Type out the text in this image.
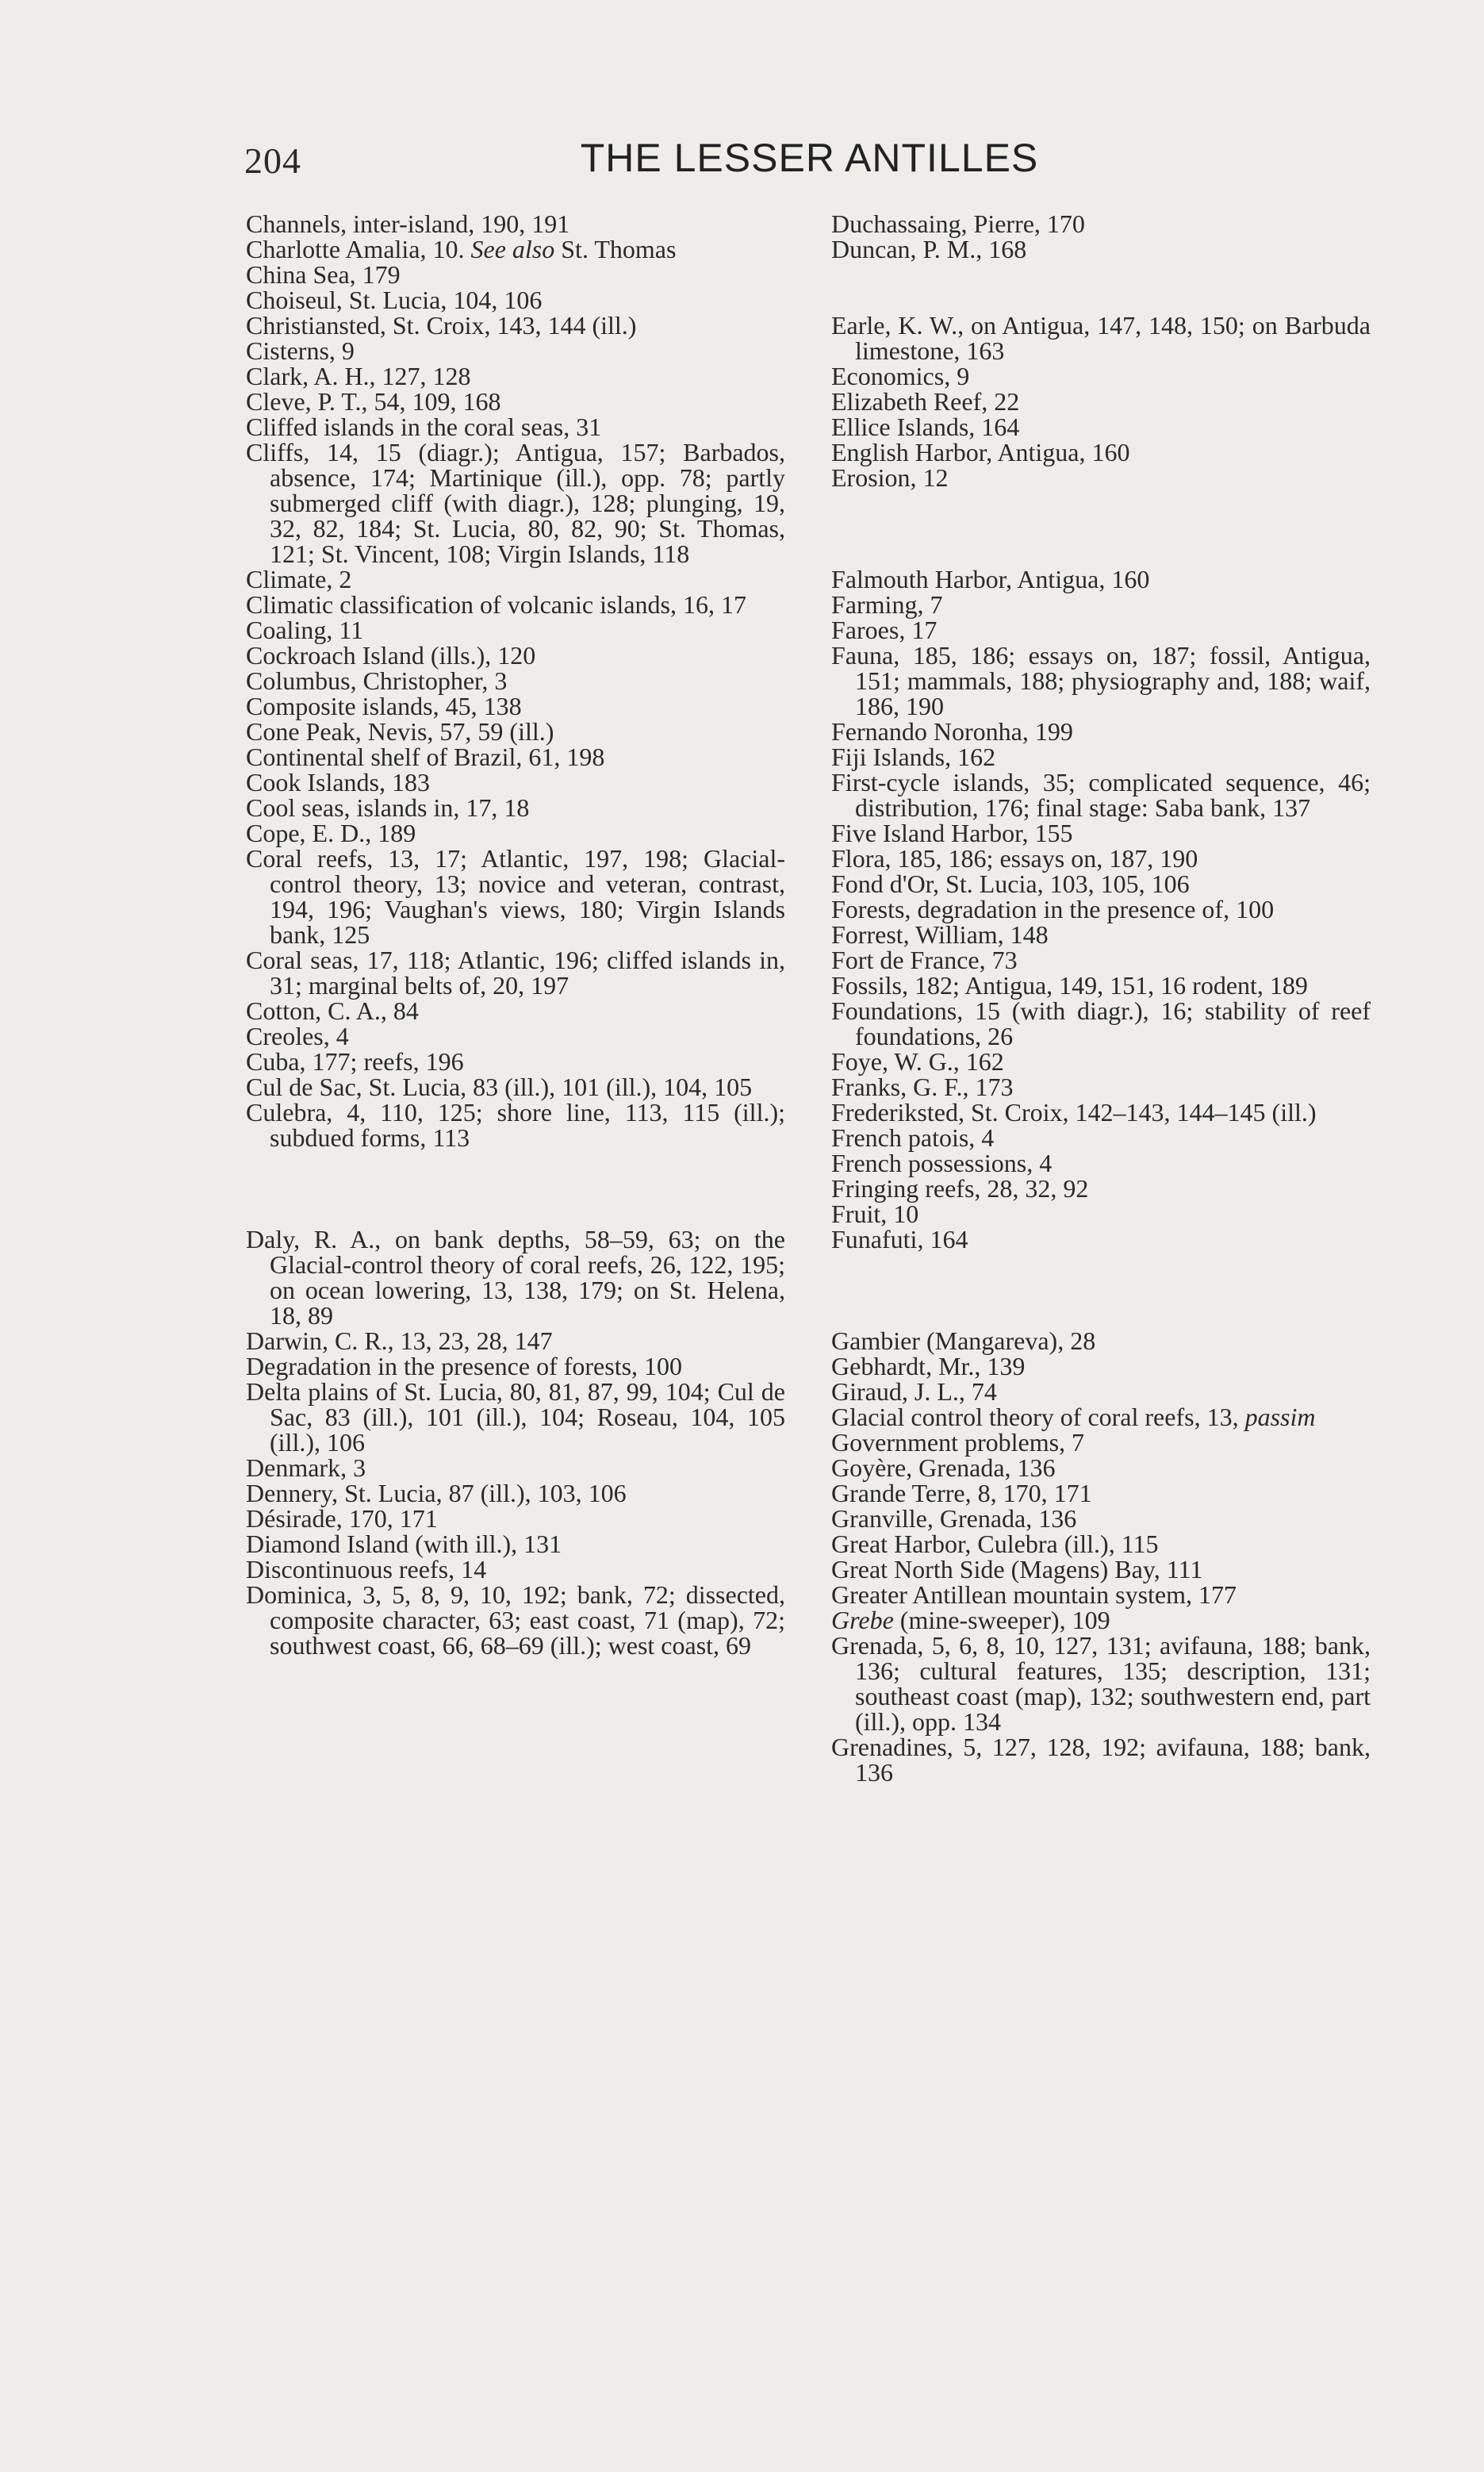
204	THE LESSER ANTILLES

Channels, inter-island, 190, 191

Charlotte Amalia, 10. See also St. Thomas

China Sea, 179

Choiseul, St. Lucia, 104, 106

Christiansted, St. Croix, 143, 144 (ill.)

Cisterns, 9

Clark, A. H., 127, 128

Cleve, P. T., 54, 109, 168

Cliffed islands in the coral seas, 31

Cliffs, 14, 15 (diagr.); Antigua, 157; Barbados, absence, 174; Martinique (ill.), opp. 78; partly submerged cliff (with diagr.), 128; plunging, 19, 32, 82, 184; St. Lucia, 80, 82, 90; St. Thomas, 121; St. Vincent, 108; Virgin Islands, 118

Climate, 2

Climatic classification of volcanic islands, 16, 17

Coaling, 11

Cockroach Island (ills.), 120

Columbus, Christopher, 3

Composite islands, 45, 138

Cone Peak, Nevis, 57, 59 (ill.)

Continental shelf of Brazil, 61, 198

Cook Islands, 183

Cool seas, islands in, 17, 18

Cope, E. D., 189

Coral reefs, 13, 17; Atlantic, 197, 198; Glacial-control theory, 13; novice and veteran, contrast, 194, 196; Vaughan's views, 180; Virgin Islands bank, 125

Coral seas, 17, 118; Atlantic, 196; cliffed islands in, 31; marginal belts of, 20, 197

Cotton, C. A., 84

Creoles, 4

Cuba, 177; reefs, 196

Cul de Sac, St. Lucia, 83 (ill.), 101 (ill.), 104, 105

Culebra, 4, 110, 125; shore line, 113, 115 (ill.); subdued forms, 113

Daly, R. A., on bank depths, 58–59, 63; on the Glacial-control theory of coral reefs, 26, 122, 195; on ocean lowering, 13, 138, 179; on St. Helena, 18, 89

Darwin, C. R., 13, 23, 28, 147

Degradation in the presence of forests, 100

Delta plains of St. Lucia, 80, 81, 87, 99, 104; Cul de Sac, 83 (ill.), 101 (ill.), 104; Roseau, 104, 105 (ill.), 106

Denmark, 3

Dennery, St. Lucia, 87 (ill.), 103, 106

Désirade, 170, 171

Diamond Island (with ill.), 131

Discontinuous reefs, 14

Dominica, 3, 5, 8, 9, 10, 192; bank, 72; dissected, composite character, 63; east coast, 71 (map), 72; southwest coast, 66, 68–69 (ill.); west coast, 69

Duchassaing, Pierre, 170

Duncan, P. M., 168

Earle, K. W., on Antigua, 147, 148, 150; on Barbuda limestone, 163

Economics, 9

Elizabeth Reef, 22

Ellice Islands, 164

English Harbor, Antigua, 160

Erosion, 12

Falmouth Harbor, Antigua, 160

Farming, 7

Faroes, 17

Fauna, 185, 186; essays on, 187; fossil, Antigua, 151; mammals, 188; physiography and, 188; waif, 186, 190

Fernando Noronha, 199

Fiji Islands, 162

First-cycle islands, 35; complicated sequence, 46; distribution, 176; final stage: Saba bank, 137

Five Island Harbor, 155

Flora, 185, 186; essays on, 187, 190

Fond d'Or, St. Lucia, 103, 105, 106

Forests, degradation in the presence of, 100

Forrest, William, 148

Fort de France, 73

Fossils, 182; Antigua, 149, 151, 16 rodent, 189

Foundations, 15 (with diagr.), 16; stability of reef foundations, 26

Foye, W. G., 162

Franks, G. F., 173

Frederiksted, St. Croix, 142–143, 144–145 (ill.)

French patois, 4

French possessions, 4

Fringing reefs, 28, 32, 92

Fruit, 10

Funafuti, 164

Gambier (Mangareva), 28

Gebhardt, Mr., 139

Giraud, J. L., 74

Glacial control theory of coral reefs, 13, passim

Government problems, 7

Goyère, Grenada, 136

Grande Terre, 8, 170, 171

Granville, Grenada, 136

Great Harbor, Culebra (ill.), 115

Great North Side (Magens) Bay, 111

Greater Antillean mountain system, 177

Grebe (mine-sweeper), 109

Grenada, 5, 6, 8, 10, 127, 131; avifauna, 188; bank, 136; cultural features, 135; description, 131; southeast coast (map), 132; southwestern end, part (ill.), opp. 134

Grenadines, 5, 127, 128, 192; avifauna, 188; bank, 136
